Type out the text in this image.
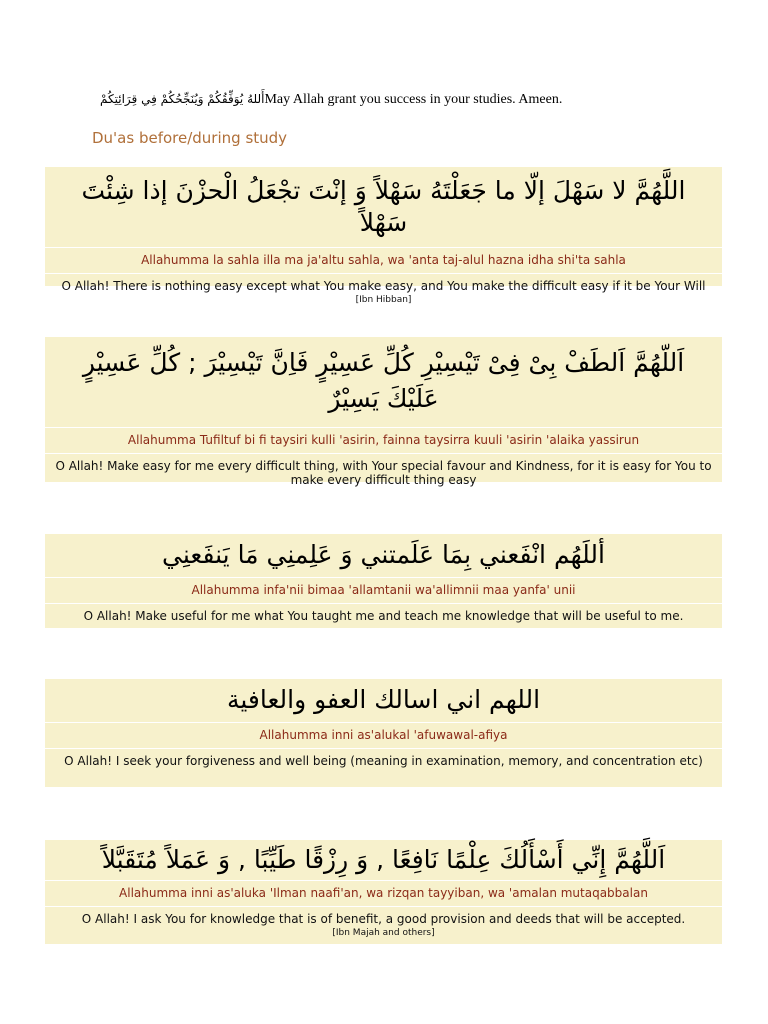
أَللهُ يُوَفِّقُكُمْ وَيُنَجِّحُكُمْ فِي قِرَائِتِكُمْMay Allah grant you success in your studies. Ameen.
Du'as before/during study
اللَّهُمَّ لا سَهْلَ إلّا ما جَعَلْتَهُ سَهْلاً وَ إنْتَ تجْعَلُ الْحزْنَ إذا شِئْتَ سَهْلاً
Allahumma la sahla illa ma ja'altu sahla, wa 'anta taj-alul hazna idha shi'ta sahla
O Allah! There is nothing easy except what You make easy, and You make the difficult easy if it be Your Will
[Ibn Hibban]
اَللّهُمَّ اَلطَفْ بِیْ فِیْ تَیْسِیْرِ کُلِّ عَسِیْرٍ فَاِنَّ تَیْسِیْرَ ; کُلِّ عَسِیْرٍ عَلَیْكَ یَسِیْرٌ
Allahumma Tufiltuf bi fi taysiri kulli 'asirin, fainna taysirra kuuli 'asirin 'alaika yassirun
O Allah! Make easy for me every difficult thing, with Your special favour and Kindness, for it is easy for You to make every difficult thing easy
أللَهُم انْفَعني بِمَا عَلَمتني وَ عَلِمنِي مَا يَنفَعنِي
Allahumma infa'nii bimaa 'allamtanii wa'allimnii maa yanfa' unii
O Allah! Make useful for me what You taught me and teach me knowledge that will be useful to me.
اللهم اني اسالك العفو والعافية
Allahumma inni as'alukal 'afuwawal-afiya
O Allah! I seek your forgiveness and well being (meaning in examination, memory, and concentration etc)
اَللَّهُمَّ إِنِّي أَسْأَلُكَ عِلْمًا نَافِعًا , وَ رِزْقًا طَيِّبًا , وَ عَمَلاً مُتَقَبَّلاً
Allahumma inni as'aluka 'Ilman naafi'an, wa rizqan tayyiban, wa 'amalan mutaqabbalan
O Allah! I ask You for knowledge that is of benefit, a good provision and deeds that will be accepted.
[Ibn Majah and others]
